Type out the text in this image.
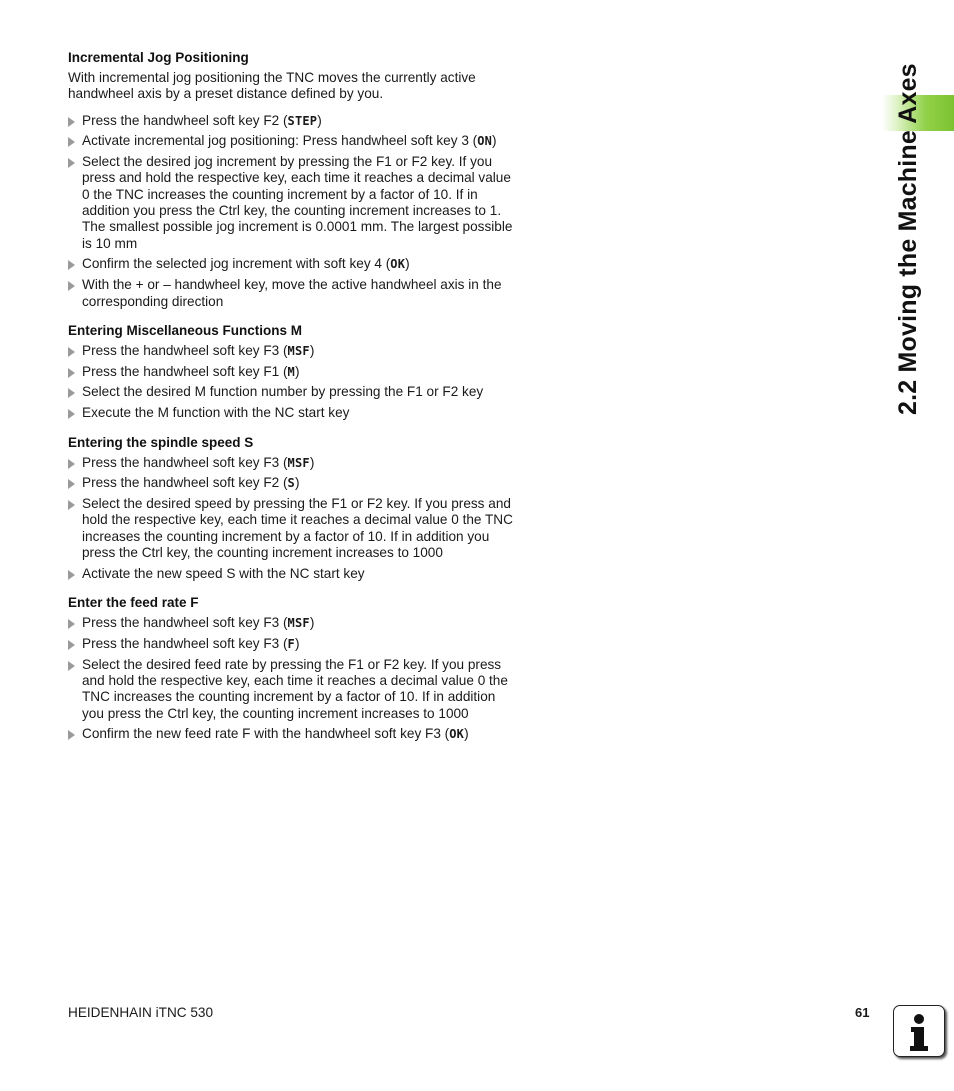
2.2 Moving the Machine Axes
Incremental Jog Positioning

With incremental jog positioning the TNC moves the currently active handwheel axis by a preset distance defined by you.

Press the handwheel soft key F2 (STEP)
Activate incremental jog positioning: Press handwheel soft key 3 (ON)
Select the desired jog increment by pressing the F1 or F2 key. If you press and hold the respective key, each time it reaches a decimal value 0 the TNC increases the counting increment by a factor of 10. If in addition you press the Ctrl key, the counting increment increases to 1. The smallest possible jog increment is 0.0001 mm. The largest possible is 10 mm
Confirm the selected jog increment with soft key 4 (OK)
With the + or – handwheel key, move the active handwheel axis in the corresponding direction
Entering Miscellaneous Functions M
Press the handwheel soft key F3 (MSF)
Press the handwheel soft key F1 (M)
Select the desired M function number by pressing the F1 or F2 key
Execute the M function with the NC start key
Entering the spindle speed S
Press the handwheel soft key F3 (MSF)
Press the handwheel soft key F2 (S)
Select the desired speed by pressing the F1 or F2 key. If you press and hold the respective key, each time it reaches a decimal value 0 the TNC increases the counting increment by a factor of 10. If in addition you press the Ctrl key, the counting increment increases to 1000
Activate the new speed S with the NC start key
Enter the feed rate F
Press the handwheel soft key F3 (MSF)
Press the handwheel soft key F3 (F)
Select the desired feed rate by pressing the F1 or F2 key. If you press and hold the respective key, each time it reaches a decimal value 0 the TNC increases the counting increment by a factor of 10. If in addition you press the Ctrl key, the counting increment increases to 1000
Confirm the new feed rate F with the handwheel soft key F3 (OK)
HEIDENHAIN iTNC 530	61
